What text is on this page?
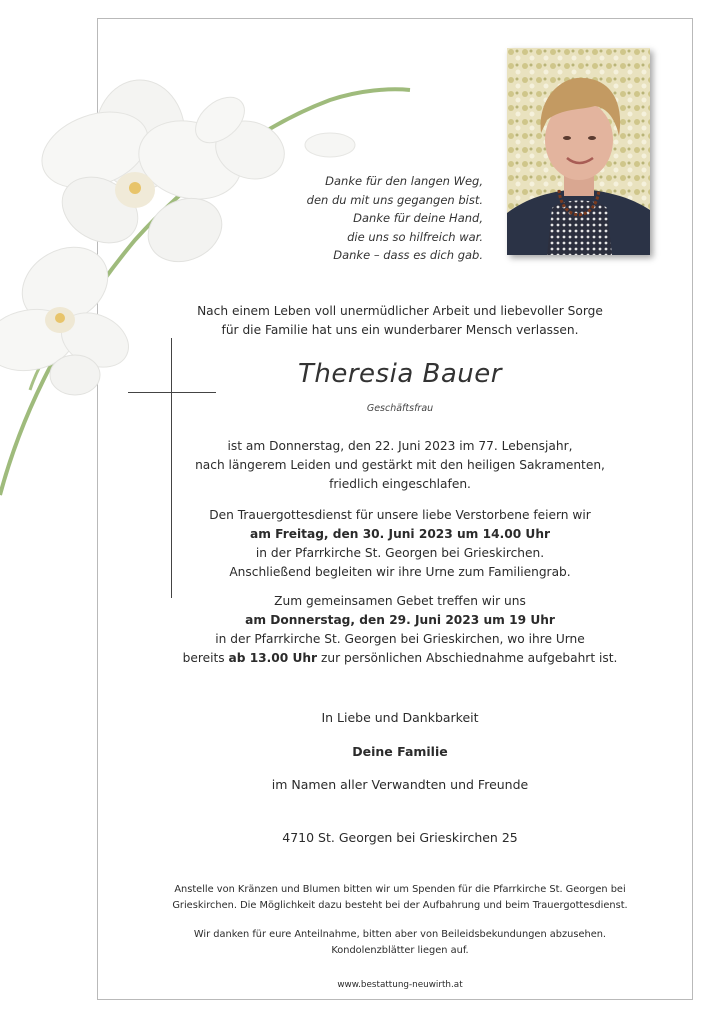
Danke für den langen Weg,
den du mit uns gegangen bist.
Danke für deine Hand,
die uns so hilfreich war.
Danke – dass es dich gab.
Nach einem Leben voll unermüdlicher Arbeit und liebevoller Sorge
für die Familie hat uns ein wunderbarer Mensch verlassen.
Theresia Bauer
Geschäftsfrau
ist am Donnerstag, den 22. Juni 2023 im 77. Lebensjahr,
nach längerem Leiden und gestärkt mit den heiligen Sakramenten,
friedlich eingeschlafen.
Den Trauergottesdienst für unsere liebe Verstorbene feiern wir
am Freitag, den 30. Juni 2023 um 14.00 Uhr
in der Pfarrkirche St. Georgen bei Grieskirchen.
Anschließend begleiten wir ihre Urne zum Familiengrab.
Zum gemeinsamen Gebet treffen wir uns
am Donnerstag, den 29. Juni 2023 um 19 Uhr
in der Pfarrkirche St. Georgen bei Grieskirchen, wo ihre Urne
bereits ab 13.00 Uhr zur persönlichen Abschiednahme aufgebahrt ist.
In Liebe und Dankbarkeit
Deine Familie
im Namen aller Verwandten und Freunde
4710 St. Georgen bei Grieskirchen 25
Anstelle von Kränzen und Blumen bitten wir um Spenden für die Pfarrkirche St. Georgen bei
Grieskirchen. Die Möglichkeit dazu besteht bei der Aufbahrung und beim Trauergottesdienst.
Wir danken für eure Anteilnahme, bitten aber von Beileidsbekundungen abzusehen.
Kondolenzblätter liegen auf.
www.bestattung-neuwirth.at
